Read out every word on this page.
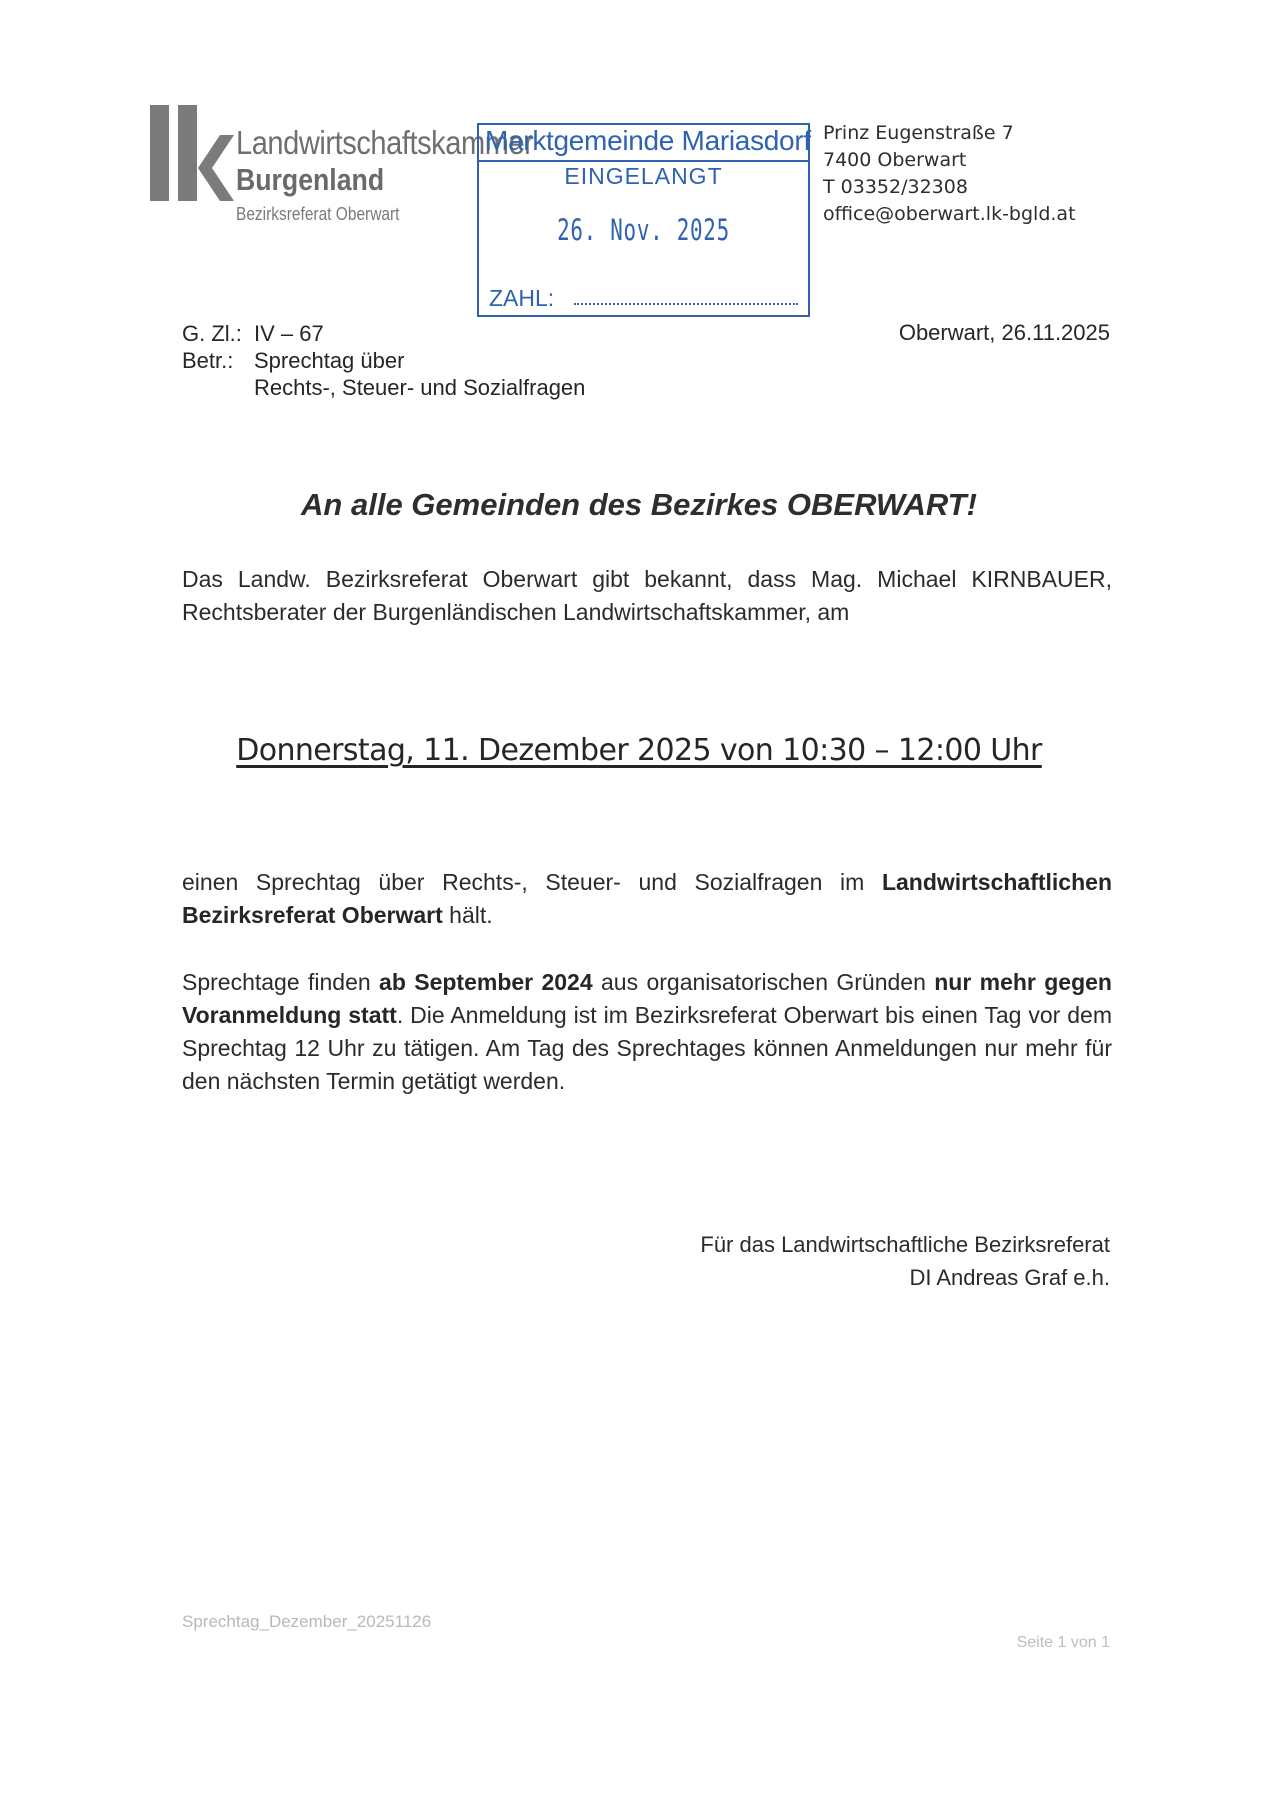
Landwirtschaftskammer
Burgenland
Bezirksreferat Oberwart
Marktgemeinde Mariasdorf
EINGELANGT
26. Nov. 2025
ZAHL:
Prinz Eugenstraße 7
7400 Oberwart
T 03352/32308
office@oberwart.lk-bgld.at
G. Zl.: IV – 67
Betr.: Sprechtag über
Rechts-, Steuer- und Sozialfragen
Oberwart, 26.11.2025
An alle Gemeinden des Bezirkes OBERWART!
Das Landw. Bezirksreferat Oberwart gibt bekannt, dass Mag. Michael KIRNBAUER, Rechtsberater der Burgenländischen Landwirtschaftskammer, am
Donnerstag, 11. Dezember 2025 von 10:30 – 12:00 Uhr
einen Sprechtag über Rechts-, Steuer- und Sozialfragen im Landwirtschaftlichen Bezirksreferat Oberwart hält.
Sprechtage finden ab September 2024 aus organisatorischen Gründen nur mehr gegen Voranmeldung statt. Die Anmeldung ist im Bezirksreferat Oberwart bis einen Tag vor dem Sprechtag 12 Uhr zu tätigen. Am Tag des Sprechtages können Anmeldungen nur mehr für den nächsten Termin getätigt werden.
Für das Landwirtschaftliche Bezirksreferat
DI Andreas Graf e.h.
Sprechtag_Dezember_20251126
Seite 1 von 1
